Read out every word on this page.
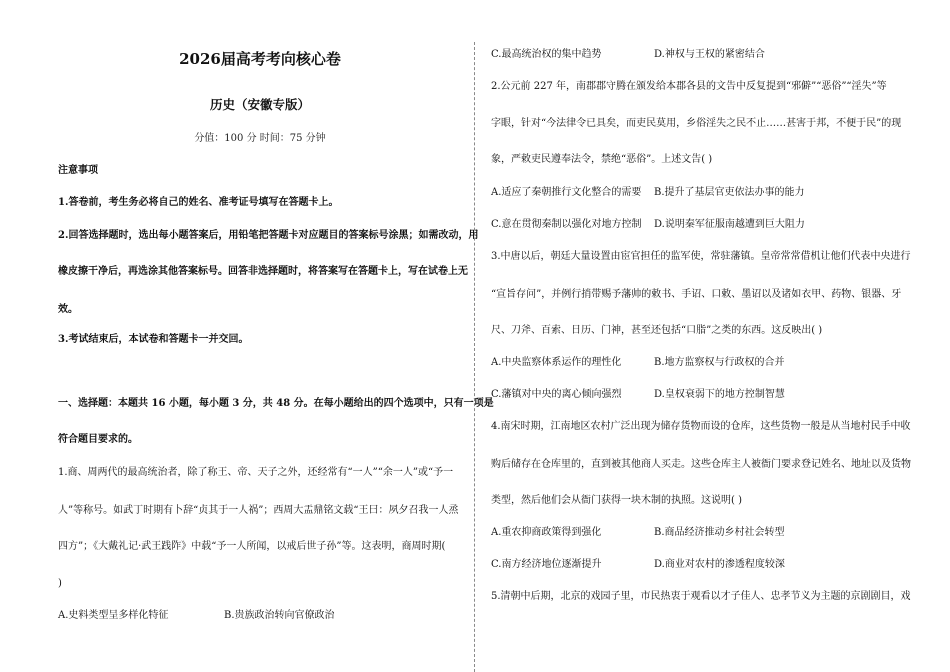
2026届高考考向核心卷
历史（安徽专版）
分值：100 分 时间：75 分钟
注意事项
1.答卷前，考生务必将自己的姓名、准考证号填写在答题卡上。
2.回答选择题时，选出每小题答案后，用铅笔把答题卡对应题目的答案标号涂黑；如需改动，用
橡皮擦干净后，再选涂其他答案标号。回答非选择题时，将答案写在答题卡上，写在试卷上无
效。
3.考试结束后，本试卷和答题卡一并交回。
一、选择题：本题共 16 小题，每小题 3 分，共 48 分。在每小题给出的四个选项中，只有一项是
符合题目要求的。
1.商、周两代的最高统治者，除了称王、帝、天子之外，还经常有“一人”“余一人”或“予一
人”等称号。如武丁时期有卜辞“贞其于一人祸”；西周大盂鼎铭文载“王曰：夙夕召我一人烝
四方”；《大戴礼记·武王践阼》中载“予一人所闻，以戒后世子孙”等。这表明，商周时期(
)
A.史料类型呈多样化特征	B.贵族政治转向官僚政治
C.最高统治权的集中趋势	D.神权与王权的紧密结合
2.公元前 227 年，南郡郡守腾在颁发给本郡各县的文告中反复提到“邪僻”“恶俗”“淫失”等
字眼，针对“今法律令已具矣，而吏民莫用，乡俗淫失之民不止……甚害于邦，不便于民”的现
象，严敕吏民遵奉法令，禁绝“恶俗”。上述文告( )
A.适应了秦朝推行文化整合的需要 B.提升了基层官吏依法办事的能力
C.意在贯彻秦制以强化对地方控制 D.说明秦军征服南越遭到巨大阻力
3.中唐以后，朝廷大量设置由宦官担任的监军使，常驻藩镇。皇帝常常借机让他们代表中央进行
“宣旨存问”，并例行捎带赐予藩帅的敕书、手诏、口敕、墨诏以及诸如衣甲、药物、银器、牙
尺、刀斧、百索、日历、门神，甚至还包括“口脂”之类的东西。这反映出( )
A.中央监察体系运作的理性化	B.地方监察权与行政权的合并
C.藩镇对中央的离心倾向强烈	D.皇权衰弱下的地方控制智慧
4.南宋时期，江南地区农村广泛出现为储存货物而设的仓库，这些货物一般是从当地村民手中收
购后储存在仓库里的，直到被其他商人买走。这些仓库主人被衙门要求登记姓名、地址以及货物
类型，然后他们会从衙门获得一块木制的执照。这说明( )
A.重农抑商政策得到强化	B.商品经济推动乡村社会转型
C.南方经济地位逐渐提升	D.商业对农村的渗透程度较深
5.清朝中后期，北京的戏园子里，市民热衷于观看以才子佳人、忠孝节义为主题的京剧剧目，戏
